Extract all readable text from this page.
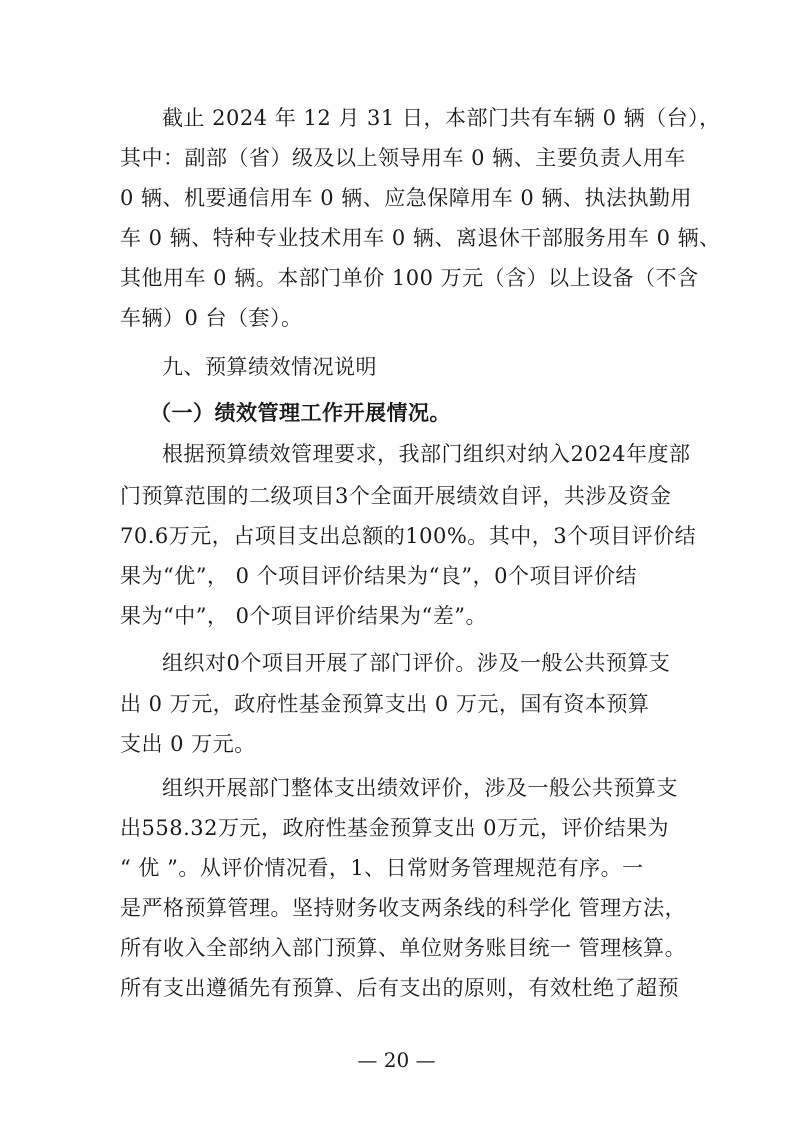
截止 2024 年 12 月 31 日，本部门共有车辆 0 辆（台），
其中：副部（省）级及以上领导用车 0 辆、主要负责人用车
0 辆、机要通信用车 0 辆、应急保障用车 0 辆、执法执勤用
车 0 辆、特种专业技术用车 0 辆、离退休干部服务用车 0 辆、
其他用车 0 辆。本部门单价 100 万元（含）以上设备（不含
车辆）0 台（套）。
九、预算绩效情况说明
（一）绩效管理工作开展情况。
根据预算绩效管理要求，我部门组织对纳入2024年度部
门预算范围的二级项目3个全面开展绩效自评，共涉及资金
70.6万元，占项目支出总额的100%。其中，3个项目评价结
果为“优”， 0 个项目评价结果为“良”，0个项目评价结
果为“中”， 0个项目评价结果为“差”。
组织对0个项目开展了部门评价。涉及一般公共预算支
出 0 万元，政府性基金预算支出 0 万元，国有资本预算
支出 0 万元。
组织开展部门整体支出绩效评价，涉及一般公共预算支
出558.32万元，政府性基金预算支出 0万元，评价结果为
“ 优 ”。从评价情况看，1、日常财务管理规范有序。一
是严格预算管理。坚持财务收支两条线的科学化 管理方法，
所有收入全部纳入部门预算、单位财务账目统一 管理核算。
所有支出遵循先有预算、后有支出的原则，有效杜绝了超预
— 20 —
